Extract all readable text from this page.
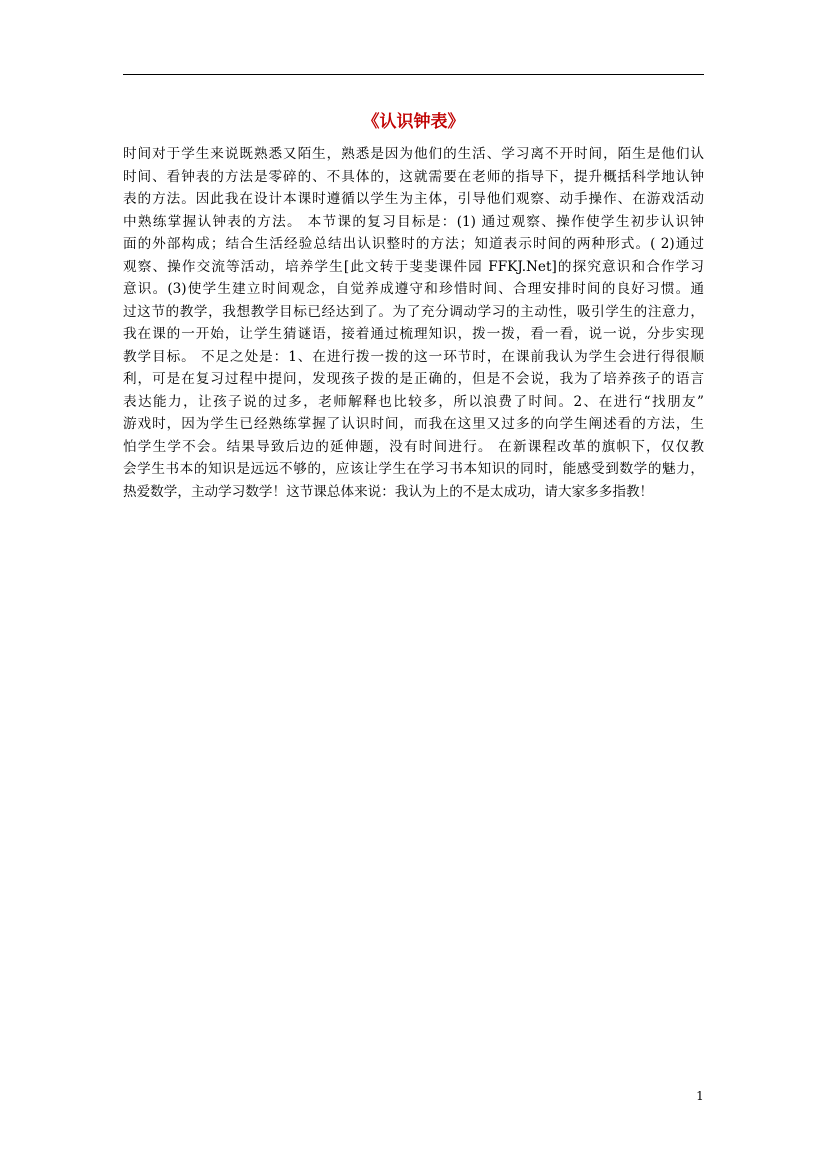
《认识钟表》
时间对于学生来说既熟悉又陌生，熟悉是因为他们的生活、学习离不开时间，陌生是他们认
时间、看钟表的方法是零碎的、不具体的，这就需要在老师的指导下，提升概括科学地认钟
表的方法。因此我在设计本课时遵循以学生为主体，引导他们观察、动手操作、在游戏活动
中熟练掌握认钟表的方法。 本节课的复习目标是：(1) 通过观察、操作使学生初步认识钟
面的外部构成；结合生活经验总结出认识整时的方法；知道表示时间的两种形式。( 2)通过
观察、操作交流等活动，培养学生[此文转于斐斐课件园 FFKJ.Net]的探究意识和合作学习
意识。(3)使学生建立时间观念，自觉养成遵守和珍惜时间、合理安排时间的良好习惯。通
过这节的教学，我想教学目标已经达到了。为了充分调动学习的主动性，吸引学生的注意力，
我在课的一开始，让学生猜谜语，接着通过梳理知识，拨一拨，看一看，说一说，分步实现
教学目标。 不足之处是：1、在进行拨一拨的这一环节时，在课前我认为学生会进行得很顺
利，可是在复习过程中提问，发现孩子拨的是正确的，但是不会说，我为了培养孩子的语言
表达能力，让孩子说的过多，老师解释也比较多，所以浪费了时间。2、在进行“找朋友”
游戏时，因为学生已经熟练掌握了认识时间，而我在这里又过多的向学生阐述看的方法，生
怕学生学不会。结果导致后边的延伸题，没有时间进行。 在新课程改革的旗帜下，仅仅教
会学生书本的知识是远远不够的，应该让学生在学习书本知识的同时，能感受到数学的魅力，
热爱数学，主动学习数学！这节课总体来说：我认为上的不是太成功，请大家多多指教！
1
